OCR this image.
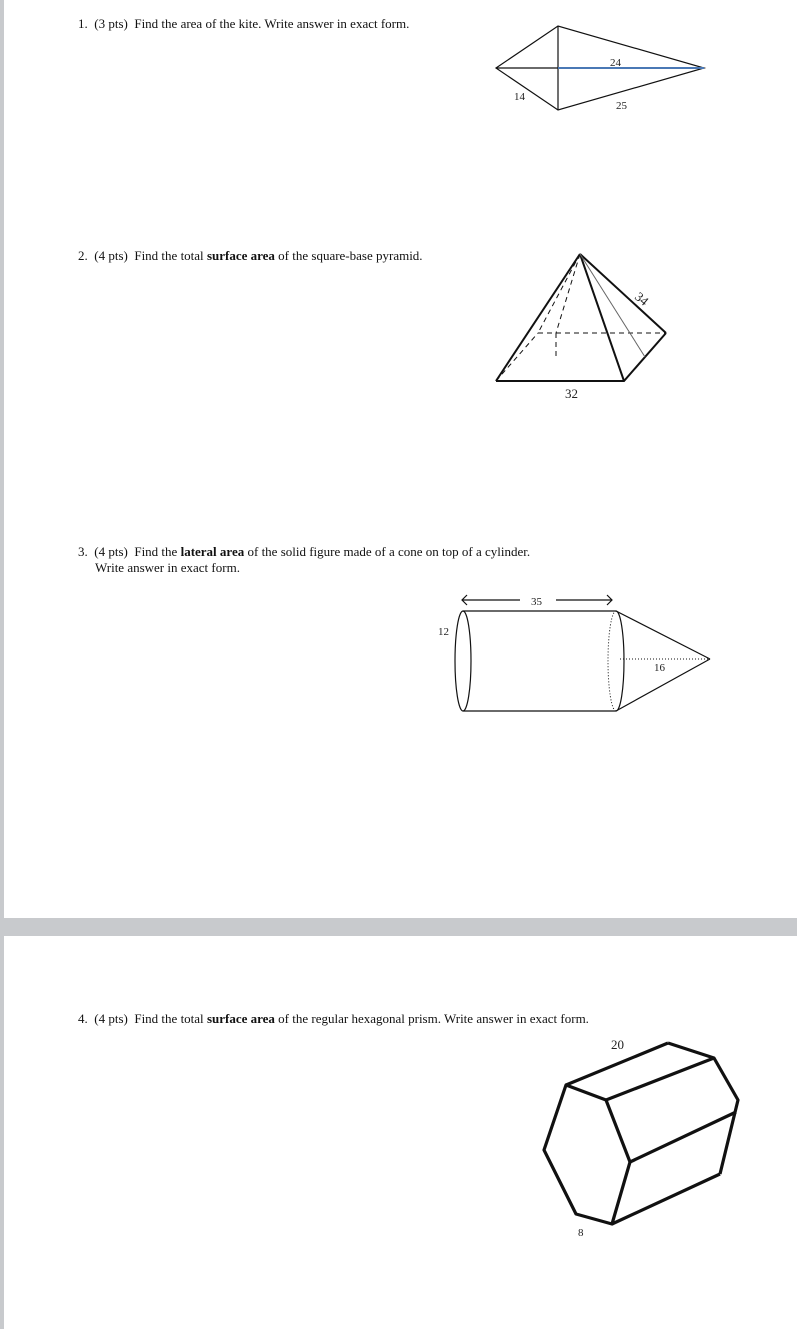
1. (3 pts) Find the area of the kite. Write answer in exact form.
24
14
25
2. (4 pts) Find the total surface area of the square-base pyramid.
34
32
3. (4 pts) Find the lateral area of the solid figure made of a cone on top of a cylinder.
Write answer in exact form.
35
12
16
4. (4 pts) Find the total surface area of the regular hexagonal prism. Write answer in exact form.
20
8
